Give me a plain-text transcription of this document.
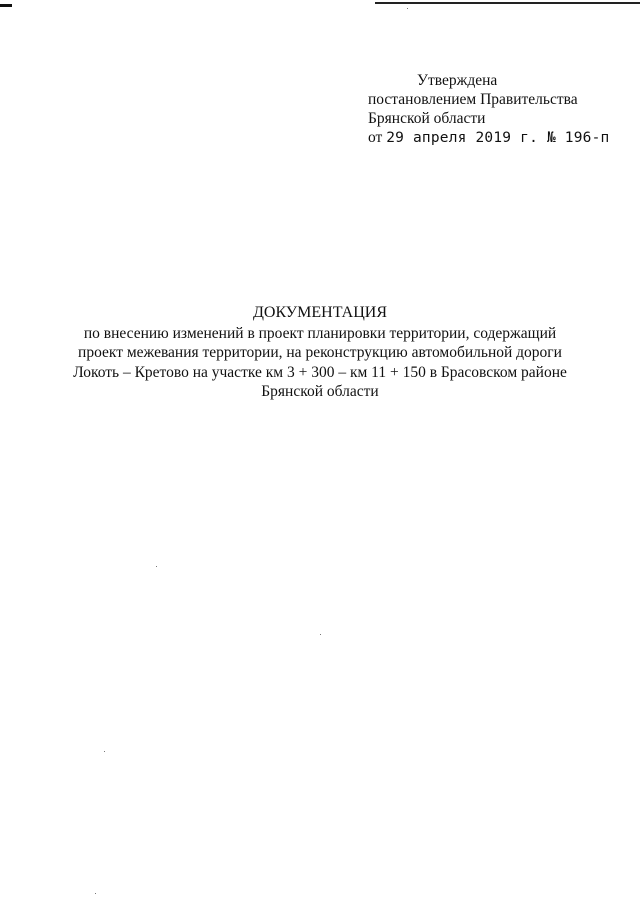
Утверждена
постановлением Правительства
Брянской области
от 29 апреля 2019 г. № 196-п
ДОКУМЕНТАЦИЯ
по внесению изменений в проект планировки территории, содержащий
проект межевания территории, на реконструкцию автомобильной дороги
Локоть – Кретово на участке км 3 + 300 – км 11 + 150 в Брасовском районе
Брянской области
